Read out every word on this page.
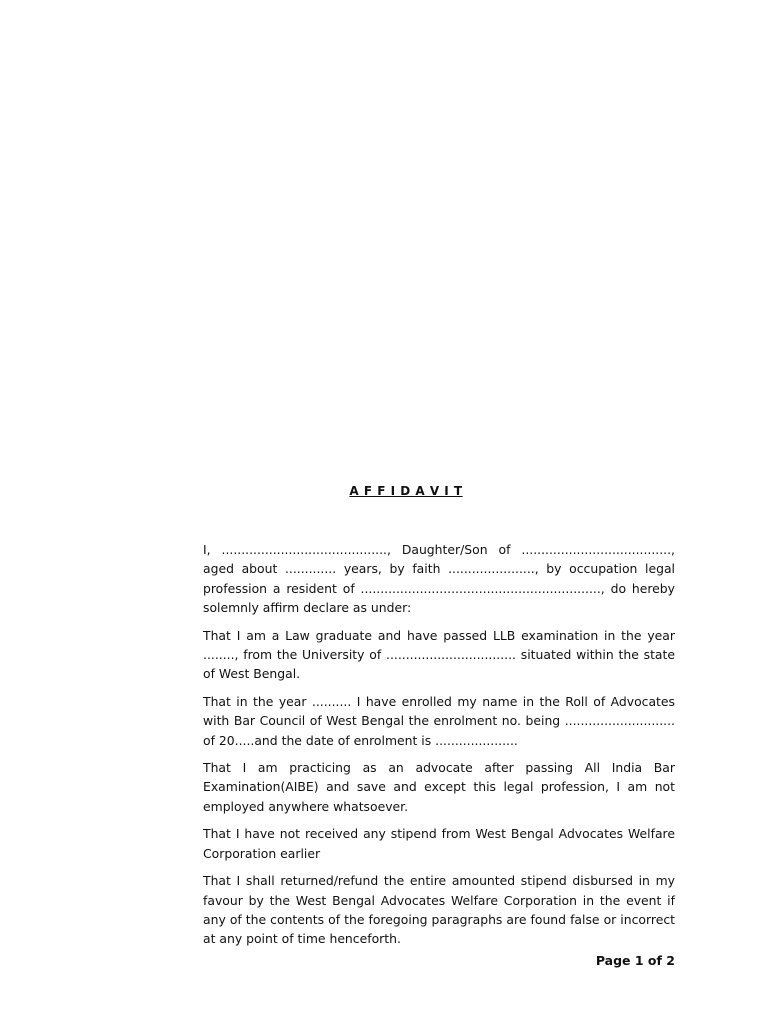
A F F I D A V I T

I, .........................................., Daughter/Son of ......................................, aged about ............. years, by faith ......................, by occupation legal profession a resident of ............................................................., do hereby solemnly affirm declare as under:

That I am a Law graduate and have passed LLB examination in the year ........, from the University of ................................. situated within the state of West Bengal.

That in the year .......... I have enrolled my name in the Roll of Advocates with Bar Council of West Bengal the enrolment no. being ............................ of 20.....and the date of enrolment is .....................

That I am practicing as an advocate after passing All India Bar Examination(AIBE) and save and except this legal profession, I am not employed anywhere whatsoever.

That I have not received any stipend from West Bengal Advocates Welfare Corporation earlier

That I shall returned/refund the entire amounted stipend disbursed in my favour by the West Bengal Advocates Welfare Corporation in the event if any of the contents of the foregoing paragraphs are found false or incorrect at any point of time henceforth.

Page 1 of 2
